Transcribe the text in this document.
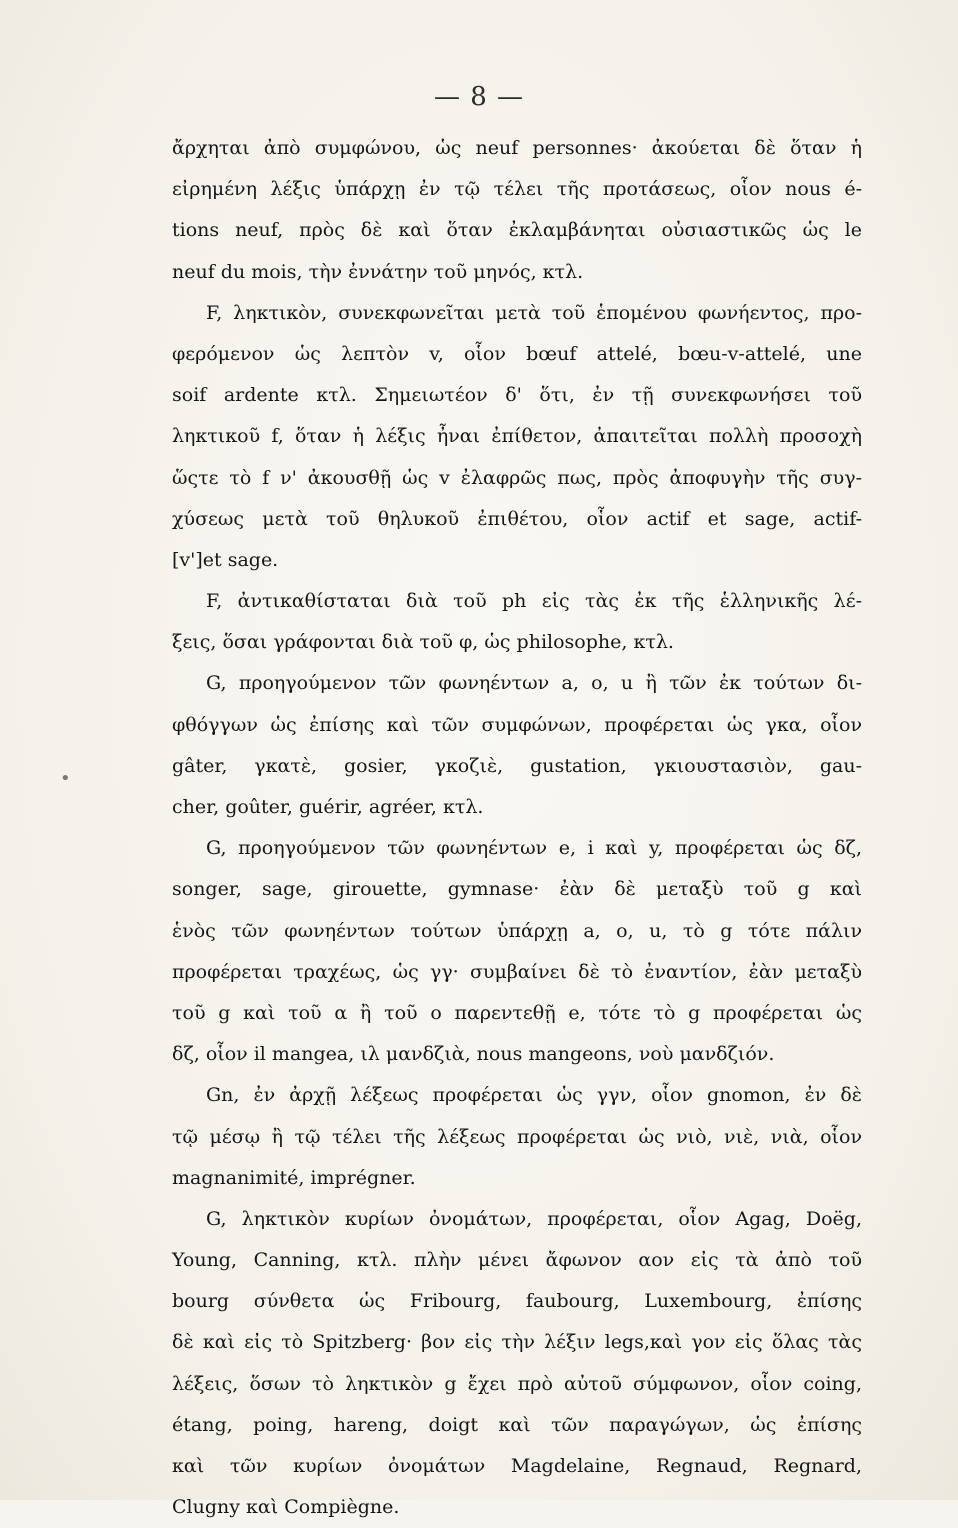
— 8 —
•
ἄρχηται ἀπὸ συμφώνου, ὡς neuf personnes· ἀκούεται δὲ ὅταν ἡ
εἰρημένη λέξις ὑπάρχῃ ἐν τῷ τέλει τῆς προτάσεως, οἷον nous é-
tions neuf, πρὸς δὲ καὶ ὅταν ἐκλαμβάνηται οὐσιαστικῶς ὡς le
neuf du mois, τὴν ἐννάτην τοῦ μηνός, κτλ.
F, ληκτικὸν, συνεκφωνεῖται μετὰ τοῦ ἑπομένου φωνήεντος, προ-
φερόμενον ὡς λεπτὸν v, οἷον bœuf attelé, bœu-v-attelé, une
soif ardente κτλ. Σημειωτέον δ' ὅτι, ἐν τῇ συνεκφωνήσει τοῦ
ληκτικοῦ f, ὅταν ἡ λέξις ἦναι ἐπίθετον, ἀπαιτεῖται πολλὴ προσοχὴ
ὥςτε τὸ f ν' ἀκουσθῇ ὡς v ἐλαφρῶς πως, πρὸς ἀποφυγὴν τῆς συγ-
χύσεως μετὰ τοῦ θηλυκοῦ ἐπιθέτου, οἷον actif et sage, actif-
[v']et sage.
F, ἀντικαθίσταται διὰ τοῦ ph εἰς τὰς ἐκ τῆς ἑλληνικῆς λέ-
ξεις, ὅσαι γράφονται διὰ τοῦ φ, ὡς philosophe, κτλ.
G, προηγούμενον τῶν φωνηέντων a, o, u ἢ τῶν ἐκ τούτων δι-
φθόγγων ὡς ἐπίσης καὶ τῶν συμφώνων, προφέρεται ὡς γκα, οἷον
gâter, γκατὲ, gosier, γκοζιὲ, gustation, γκιουστασιὸν, gau-
cher, goûter, guérir, agréer, κτλ.
G, προηγούμενον τῶν φωνηέντων e, i καὶ y, προφέρεται ὡς δζ,
songer, sage, girouette, gymnase· ἐὰν δὲ μεταξὺ τοῦ g καὶ
ἑνὸς τῶν φωνηέντων τούτων ὑπάρχῃ a, o, u, τὸ g τότε πάλιν
προφέρεται τραχέως, ὡς γγ· συμβαίνει δὲ τὸ ἐναντίον, ἐὰν μεταξὺ
τοῦ g καὶ τοῦ α ἢ τοῦ ο παρεντεθῇ e, τότε τὸ g προφέρεται ὡς
δζ, οἷον il mangea, ιλ μανδζιὰ, nous mangeons, νοὺ μανδζιόν.
Gn, ἐν ἀρχῇ λέξεως προφέρεται ὡς γγν, οἷον gnomon, ἐν δὲ
τῷ μέσῳ ἢ τῷ τέλει τῆς λέξεως προφέρεται ὡς νιὸ, νιὲ, νιὰ, οἷον
magnanimité, imprégner.
G, ληκτικὸν κυρίων ὀνομάτων, προφέρεται, οἷον Agag, Doëg,
Young, Canning, κτλ. πλὴν μένει ἄφωνον αον εἰς τὰ ἀπὸ τοῦ
bourg σύνθετα ὡς Fribourg, faubourg, Luxembourg, ἐπίσης
δὲ καὶ εἰς τὸ Spitzberg· βον εἰς τὴν λέξιν legs,καὶ γον εἰς ὅλας τὰς
λέξεις, ὅσων τὸ ληκτικὸν g ἔχει πρὸ αὐτοῦ σύμφωνον, οἷον coing,
étang, poing, hareng, doigt καὶ τῶν παραγώγων, ὡς ἐπίσης
καὶ τῶν κυρίων ὀνομάτων Magdelaine, Regnaud, Regnard,
Clugny καὶ Compiègne.
